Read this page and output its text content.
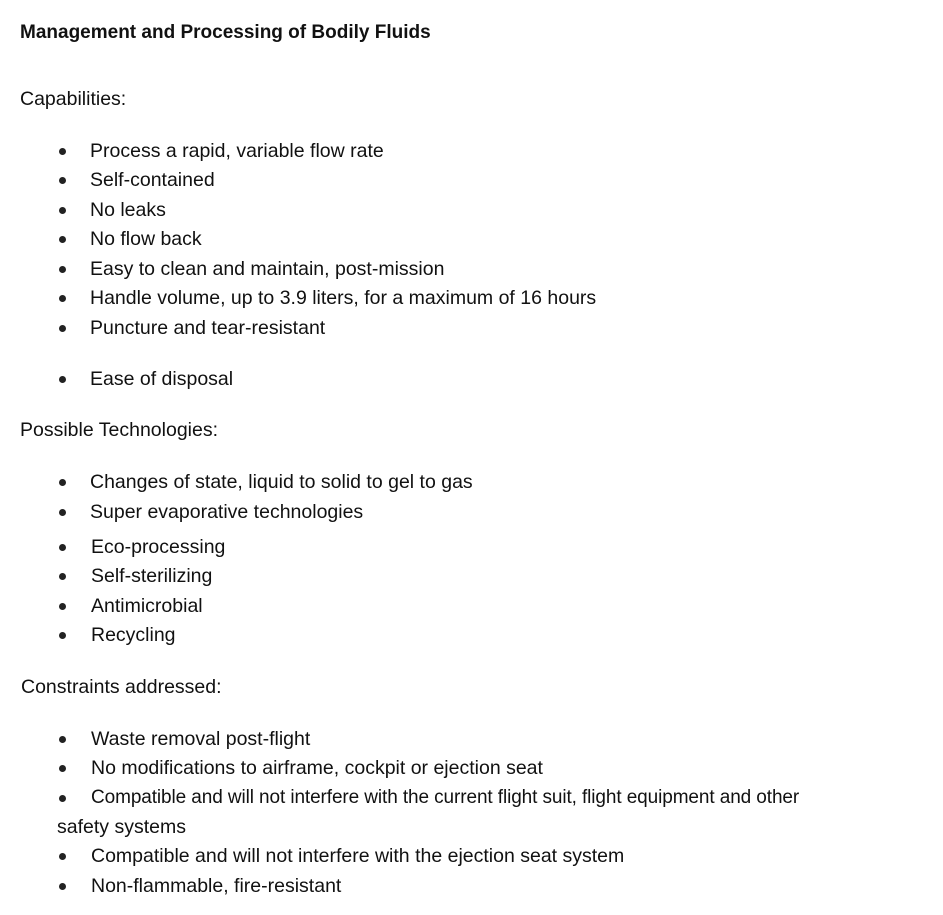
Management and Processing of Bodily Fluids
Capabilities:
Process a rapid, variable flow rate
Self-contained
No leaks
No flow back
Easy to clean and maintain, post-mission
Handle volume, up to 3.9 liters, for a maximum of 16 hours
Puncture and tear-resistant
Ease of disposal
Possible Technologies:
Changes of state, liquid to solid to gel to gas
Super evaporative technologies
Eco-processing
Self-sterilizing
Antimicrobial
Recycling
Constraints addressed:
Waste removal post-flight
No modifications to airframe, cockpit or ejection seat
Compatible and will not interfere with the current flight suit, flight equipment and other
safety systems
Compatible and will not interfere with the ejection seat system
Non-flammable, fire-resistant
